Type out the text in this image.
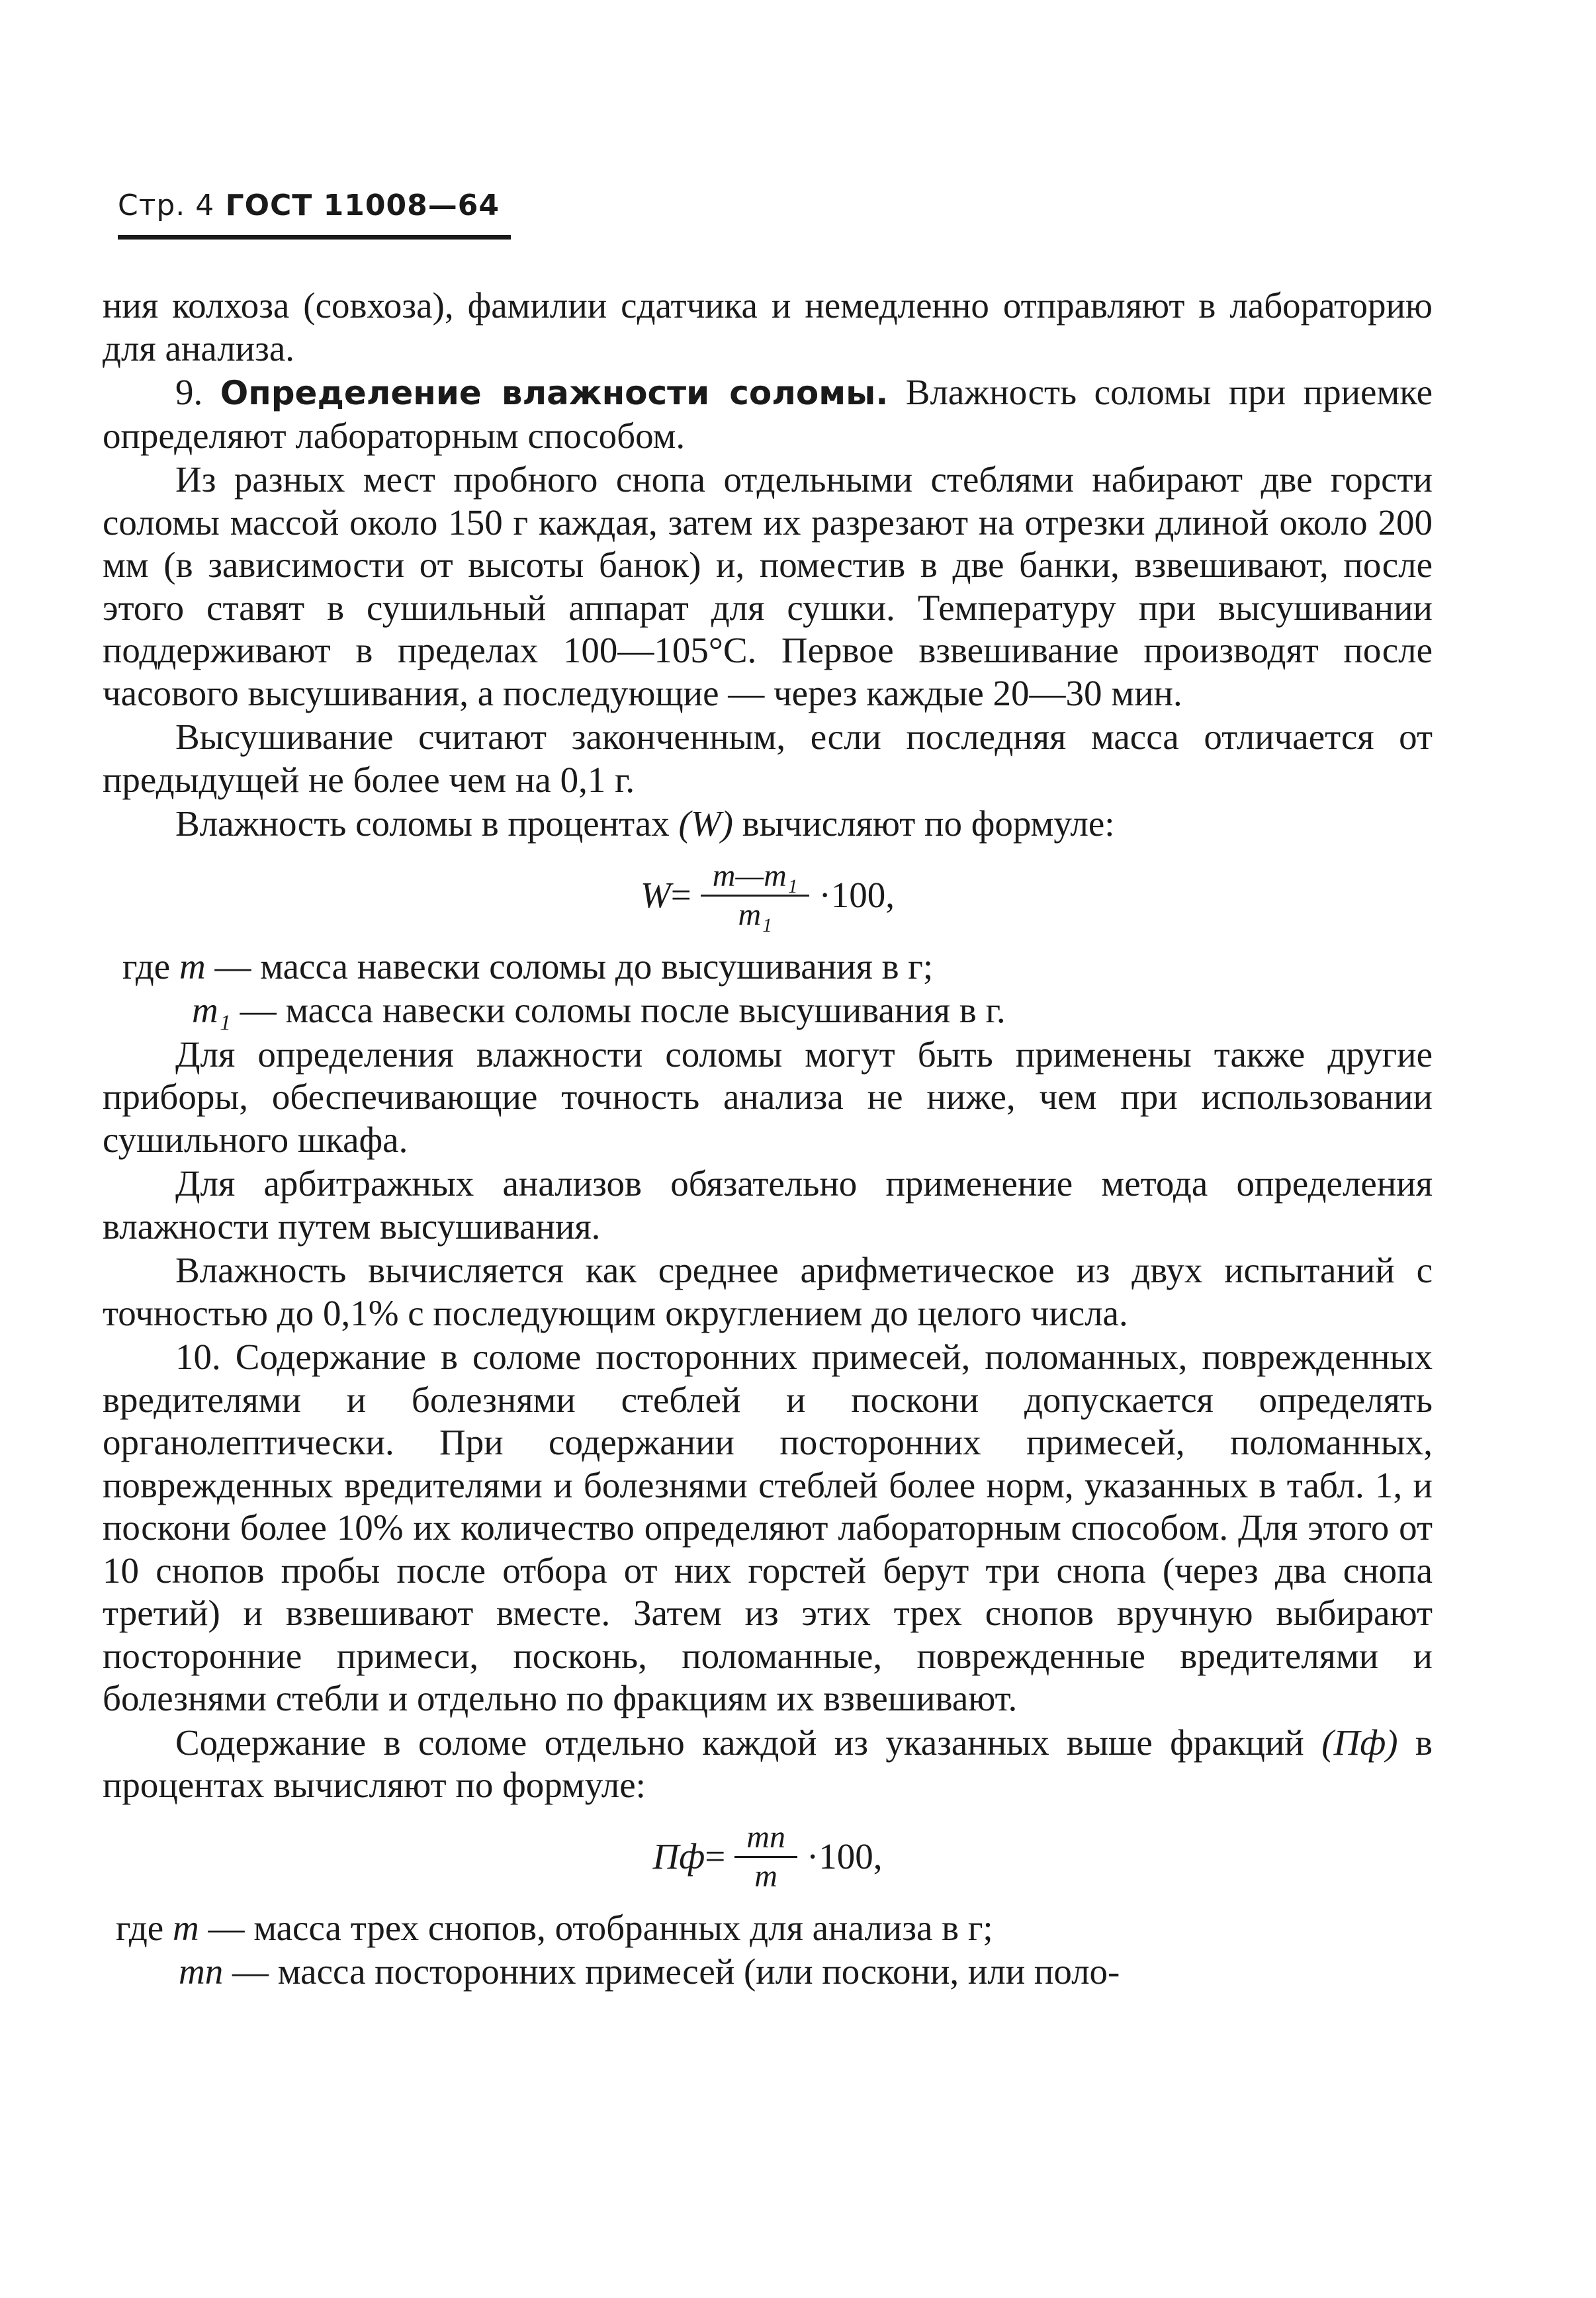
Стр. 4 ГОСТ 11008—64

ния колхоза (совхоза), фамилии сдатчика и немедленно отправляют в лабораторию для анализа.

9. Определение влажности соломы. Влажность соломы при приемке определяют лабораторным способом.

Из разных мест пробного снопа отдельными стеблями набирают две горсти соломы массой около 150 г каждая, затем их разрезают на отрезки длиной около 200 мм (в зависимости от высоты банок) и, поместив в две банки, взвешивают, после этого ставят в сушильный аппарат для сушки. Температуру при высушивании поддерживают в пределах 100—105°С. Первое взвешивание производят после часового высушивания, а последующие — через каждые 20—30 мин.

Высушивание считают законченным, если последняя масса отличается от предыдущей не более чем на 0,1 г.

Влажность соломы в процентах (W) вычисляют по формуле:

$W = \frac{\text{m—m₁}}{\text{m₁}} \cdot 100$,

где m — масса навески соломы до высушивания в г;

m₁ — масса навески соломы после высушивания в г.

Для определения влажности соломы могут быть применены также другие приборы, обеспечивающие точность анализа не ниже, чем при использовании сушильного шкафа.

Для арбитражных анализов обязательно применение метода определения влажности путем высушивания.

Влажность вычисляется как среднее арифметическое из двух испытаний с точностью до 0,1% с последующим округлением до целого числа.

10. Содержание в соломе посторонних примесей, поломанных, поврежденных вредителями и болезнями стеблей и поскони допускается определять органолептически. При содержании посторонних примесей, поломанных, поврежденных вредителями и болезнями стеблей более норм, указанных в табл. 1, и поскони более 10% их количество определяют лабораторным способом. Для этого от 10 снопов пробы после отбора от них горстей берут три снопа (через два снопа третий) и взвешивают вместе. Затем из этих трех снопов вручную выбирают посторонние примеси, посконь, поломанные, поврежденные вредителями и болезнями стебли и отдельно по фракциям их взвешивают.

Содержание в соломе отдельно каждой из указанных выше фракций (Пф) в процентах вычисляют по формуле:

Пф = $\frac{mп}{m} \cdot 100$,

где m — масса трех снопов, отобранных для анализа в г;

mп — масса посторонних примесей (или поскони, или поло-
